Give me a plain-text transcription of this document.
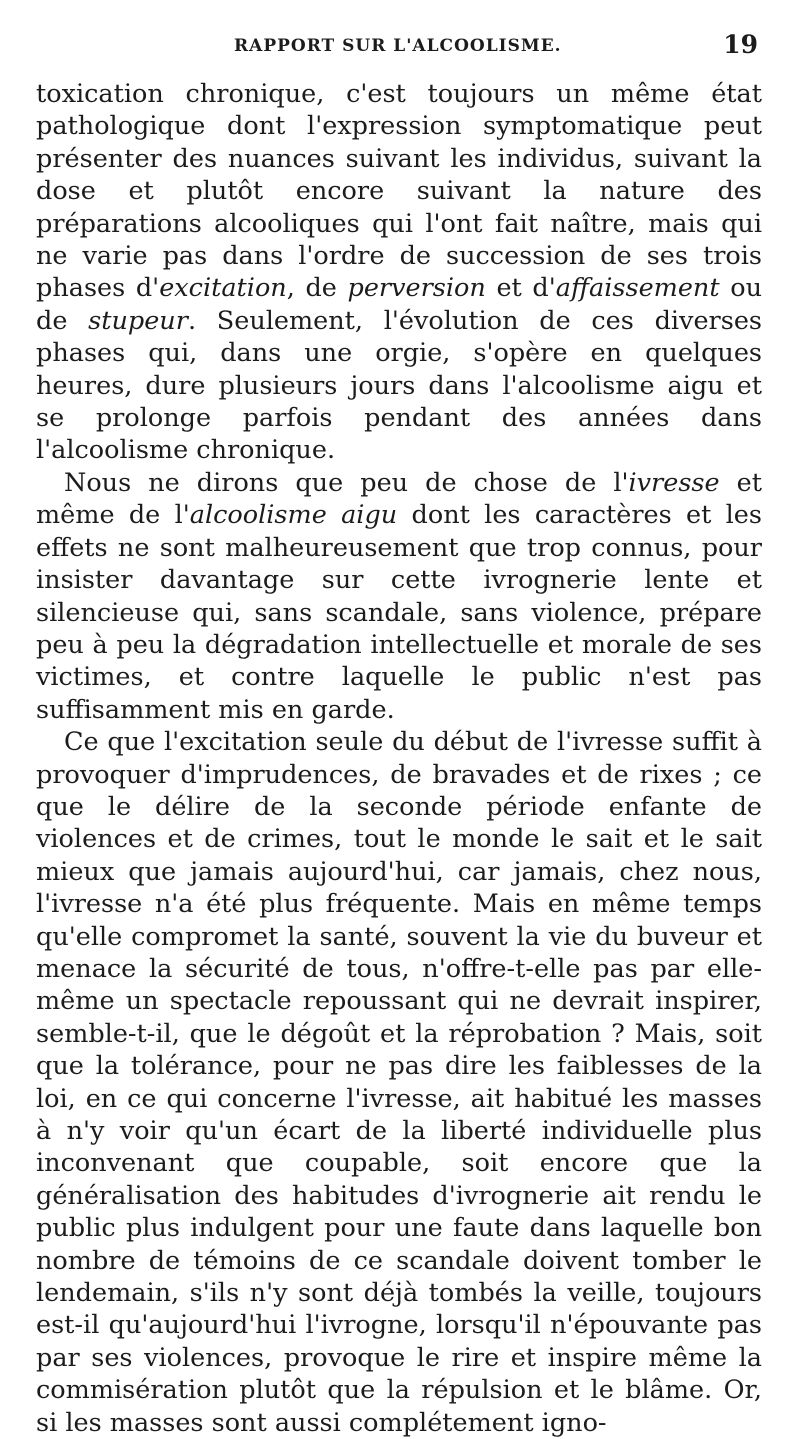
RAPPORT SUR L'ALCOOLISME.	19

toxication chronique, c'est toujours un même état pathologique dont l'expression symptomatique peut présenter des nuances suivant les individus, suivant la dose et plutôt encore suivant la nature des préparations alcooliques qui l'ont fait naître, mais qui ne varie pas dans l'ordre de succession de ses trois phases d'excitation, de perversion et d'affaissement ou de stupeur. Seulement, l'évolution de ces diverses phases qui, dans une orgie, s'opère en quelques heures, dure plusieurs jours dans l'alcoolisme aigu et se prolonge parfois pendant des années dans l'alcoolisme chronique.

Nous ne dirons que peu de chose de l'ivresse et même de l'alcoolisme aigu dont les caractères et les effets ne sont malheureusement que trop connus, pour insister davantage sur cette ivrognerie lente et silencieuse qui, sans scandale, sans violence, prépare peu à peu la dégradation intellectuelle et morale de ses victimes, et contre laquelle le public n'est pas suffisamment mis en garde.

Ce que l'excitation seule du début de l'ivresse suffit à provoquer d'imprudences, de bravades et de rixes ; ce que le délire de la seconde période enfante de violences et de crimes, tout le monde le sait et le sait mieux que jamais aujourd'hui, car jamais, chez nous, l'ivresse n'a été plus fréquente. Mais en même temps qu'elle compromet la santé, souvent la vie du buveur et menace la sécurité de tous, n'offre-t-elle pas par elle-même un spectacle repoussant qui ne devrait inspirer, semble-t-il, que le dégoût et la réprobation ? Mais, soit que la tolérance, pour ne pas dire les faiblesses de la loi, en ce qui concerne l'ivresse, ait habitué les masses à n'y voir qu'un écart de la liberté individuelle plus inconvenant que coupable, soit encore que la généralisation des habitudes d'ivrognerie ait rendu le public plus indulgent pour une faute dans laquelle bon nombre de témoins de ce scandale doivent tomber le lendemain, s'ils n'y sont déjà tombés la veille, toujours est-il qu'aujourd'hui l'ivrogne, lorsqu'il n'épouvante pas par ses violences, provoque le rire et inspire même la commisération plutôt que la répulsion et le blâme. Or, si les masses sont aussi complétement igno-
